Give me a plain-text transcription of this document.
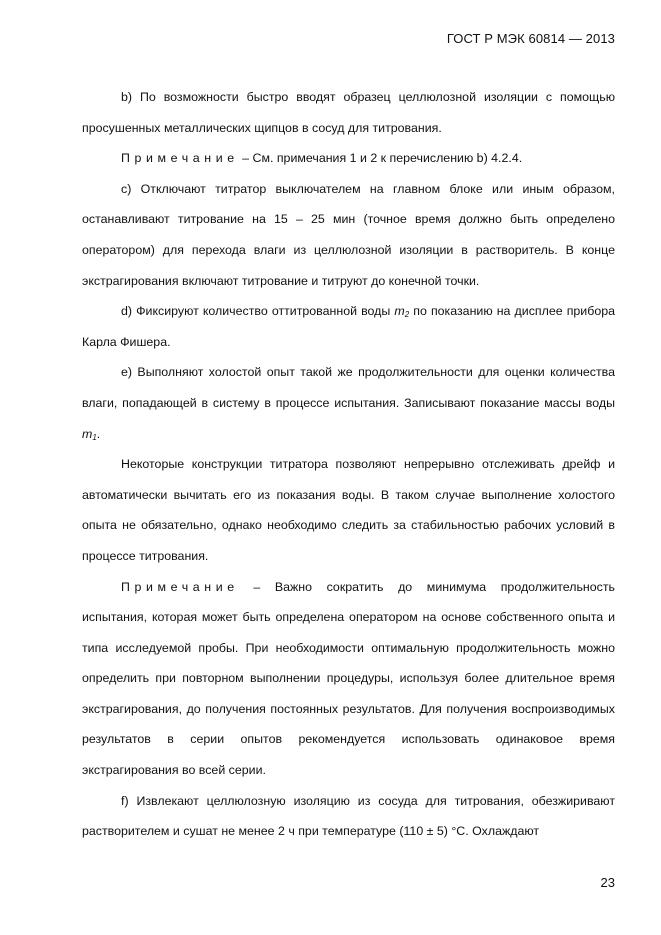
ГОСТ Р МЭК 60814 — 2013

b) По возможности быстро вводят образец целлюлозной изоляции с помощью просушенных металлических щипцов в сосуд для титрования.

Примечание – См. примечания 1 и 2 к перечислению b) 4.2.4.

c) Отключают титратор выключателем на главном блоке или иным образом, останавливают титрование на 15 – 25 мин (точное время должно быть определено оператором) для перехода влаги из целлюлозной изоляции в растворитель. В конце экстрагирования включают титрование и титруют до конечной точки.

d) Фиксируют количество оттитрованной воды $m_2$ по показанию на дисплее прибора Карла Фишера.

e) Выполняют холостой опыт такой же продолжительности для оценки количества влаги, попадающей в систему в процессе испытания. Записывают показание массы воды $m_1$.

Некоторые конструкции титратора позволяют непрерывно отслеживать дрейф и автоматически вычитать его из показания воды. В таком случае выполнение холостого опыта не обязательно, однако необходимо следить за стабильностью рабочих условий в процессе титрования.

Примечание – Важно сократить до минимума продолжительность испытания, которая может быть определена оператором на основе собственного опыта и типа исследуемой пробы. При необходимости оптимальную продолжительность можно определить при повторном выполнении процедуры, используя более длительное время экстрагирования, до получения постоянных результатов. Для получения воспроизводимых результатов в серии опытов рекомендуется использовать одинаковое время экстрагирования во всей серии.

f) Извлекают целлюлозную изоляцию из сосуда для титрования, обезжиривают растворителем и сушат не менее 2 ч при температуре (110 ± 5) °С. Охлаждают

23
